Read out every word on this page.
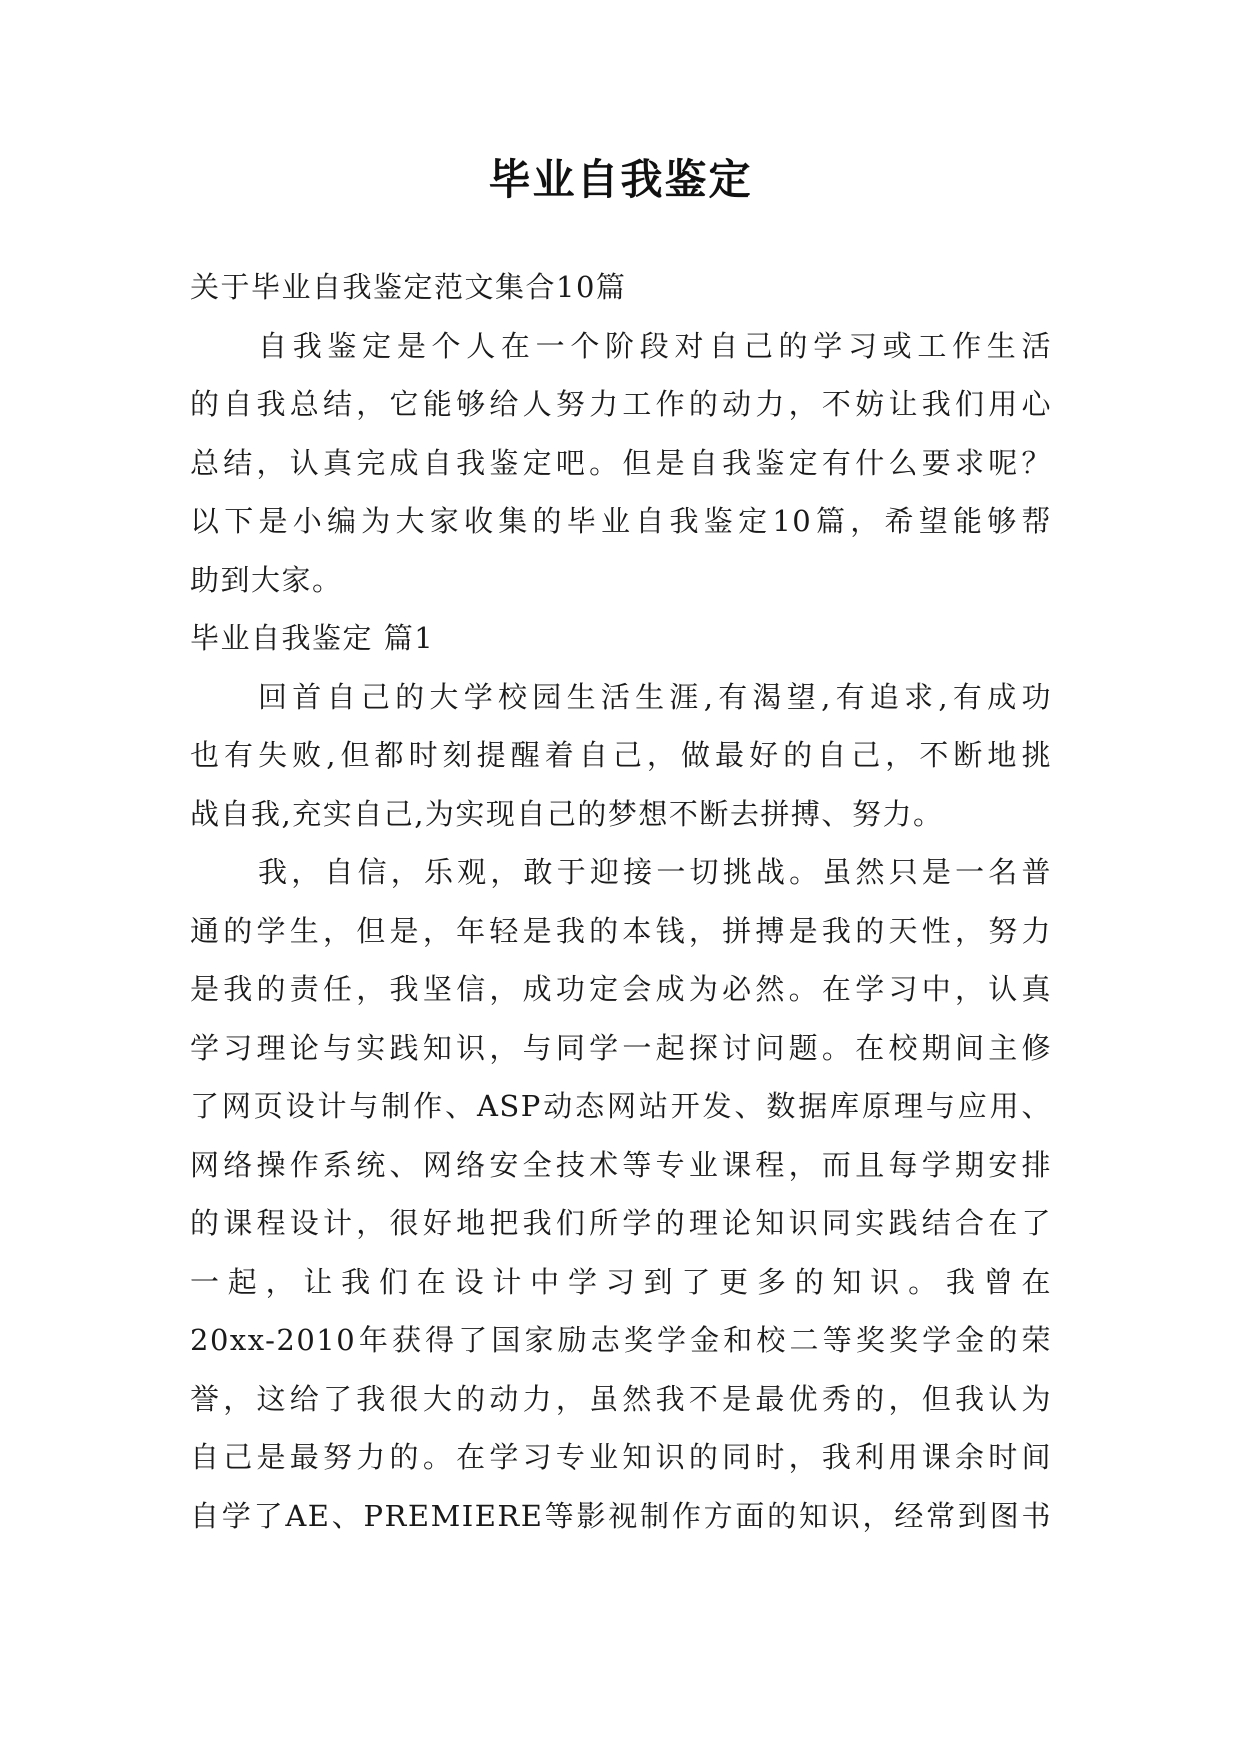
毕业自我鉴定
关于毕业自我鉴定范文集合10篇
自我鉴定是个人在一个阶段对自己的学习或工作生活
的自我总结，它能够给人努力工作的动力，不妨让我们用心
总结，认真完成自我鉴定吧。但是自我鉴定有什么要求呢？
以下是小编为大家收集的毕业自我鉴定10篇，希望能够帮
助到大家。
毕业自我鉴定 篇1
回首自己的大学校园生活生涯,有渴望,有追求,有成功
也有失败,但都时刻提醒着自己，做最好的自己，不断地挑
战自我,充实自己,为实现自己的梦想不断去拼搏、努力。
我，自信，乐观，敢于迎接一切挑战。虽然只是一名普
通的学生，但是，年轻是我的本钱，拼搏是我的天性，努力
是我的责任，我坚信，成功定会成为必然。在学习中，认真
学习理论与实践知识，与同学一起探讨问题。在校期间主修
了网页设计与制作、ASP动态网站开发、数据库原理与应用、
网络操作系统、网络安全技术等专业课程，而且每学期安排
的课程设计，很好地把我们所学的理论知识同实践结合在了
一起，让我们在设计中学习到了更多的知识。我曾在
20xx-2010年获得了国家励志奖学金和校二等奖奖学金的荣
誉，这给了我很大的动力，虽然我不是最优秀的，但我认为
自己是最努力的。在学习专业知识的同时，我利用课余时间
自学了AE、PREMIERE等影视制作方面的知识，经常到图书
